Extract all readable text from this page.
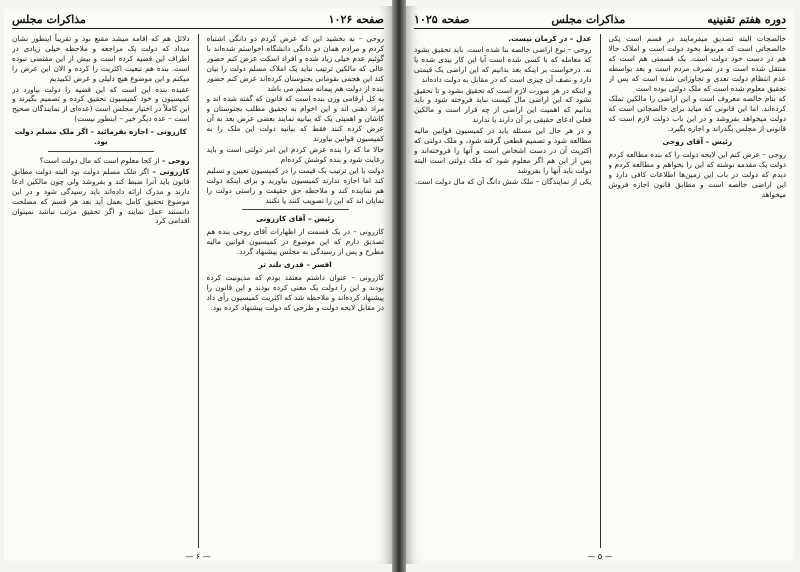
صفحه ۱۰۲۶
مذاکرات مجلس

روحی – به بخشید این که عرض کردم دو دانگی اشتباه کردم و مرادم همان دو دانگی دانشگاه اخواستم شده‌اند با گوئیم عدم خیلی زیاد شده و افراد اسکت عرض کنم حضور عالی که مالکین ترتیب نباید یک املاک مسلم دولت را بیان کند این هجمی بقومانی بجنوستان کرده‌اند عرض کنم حضور بنده از دولت هم پیمانه مسلم می باشد

به کل ارقامی وزن بنده است که قانون که گفته شده اند و مراد ذهنی اند و این اخوام به تحقیق مطلب بجنوستان و کاشان و اهمیتی یک که بیانیه نمایند بعضی عرض بعد به آن عرض کرده کنند فقط که بیانیه دولت این ملک را به کمیسیون قوانین بیاورند

حالا ما که را بنده عرض کردم این امر دولتی است و باید رعایت شود و بنده کوشش کرده‌ام

دولت با این ترتیب یک قیمت را در کمیسیون تعیین و تسلیم کند اما اجازه ندارند کمیسیون بیاورید و برای اینکه دولت هم نماینده کند و ملاحظه حق حقیقت و راستی دولت را نمایان اند که این را تصویب کنند یا نکنند

رئیس – آقای کازرونی

کازرونی – در یک قسمت از اظهارات آقای روحی بنده هم تصدیق دارم که این موضوع در کمیسیون قوانین مالیه مطرح و پس از رسیدگی به مجلس پیشنهاد گردد.

افسر – قدری بلند تر

کازرونی – عنوان داشتم معتقد بودم که مدیونیت کرده بودند و این را دولت یک معنی کرده بودند و این قانون را پیشنهاد کرده‌اند و ملاحظه شد که اکثریت کمیسیون رأی داد در مقابل لایحه دولت و طرحی که دولت پیشنهاد کرده بود.

دلائل هم که اقامه میشد مقنع بود و تقریباً اینطور نشان میداد که دولت یک مراجعه و ملاحظه خیلی زیادی در اطراف این قضیه کرده است و بیش از این مقتضی نبوده است. بنده هم تبعیت اکثریت را کرده و الان این عرض را میکنم و این موضوع هیچ دلیلی و عرض لکبیدیم

عقیده بنده این است که این قضیه را دولت بیاورد در کمیسیون و خود کمیسیون تحقیق کرده و تصمیم بگیرند و این کاملاً در اختیار مجلس است (عده‌ای از نمایندگان صحیح است – عده دیگر خیر – اینطور نیست)

کازرونی – اجازه بفرمائید – اگر ملک مسلم دولت بود.

روحی – از کجا معلوم است که مال دولت است؟

کازرونی – اگر ملک مسلم دولت بود البته دولت مطابق قانون باید آنرا ضبط کند و بفروشد ولی چون مالکین ادعا دارند و مدرک ارائه داده‌اند باید رسیدگی شود و در این موضوع تحقیق کامل بعمل آید بعد هر قسم که مصلحت دانستند عمل نمایند و اگر تحقیق مرتب نباشد نمیتوان اقدامی کرد

— ۶ —
دوره هفتم تقنینیه
مذاکرات مجلس
صفحه ۱۰۲۵

خالصجات البته تصدیق میفرمایند در قسم است یکی خالصجاتی است که مربوط بخود دولت است و املاک حالا هم در دست خود دولت است. یک قسمتی هم است که منتقل شده است و در تصرف مردم است و بعد بواسطه عدم انتظام دولت تعدی و تجاوزاتی شده است که پس از تحقیق معلوم شده است که ملک دولتی بوده است

که بنام خالصه معروف است و این اراضی را مالکین تملک کرده‌اند. اما این قانونی که میاید برای خالصجاتی است که دولت میخواهد بفروشد و در این باب دولت لازم است که قانونی از مجلس بگذراند و اجازه بگیرد.

رئیس – آقای روحی

روحی – عرض کنم این لایحه دولت را که بنده مطالعه کردم دولت یک مقدمه نوشته که این را بخواهم و مطالعه کردم و دیدم که دولت در باب این زمین‌ها اطلاعات کافی دارد و این اراضی خالصه است و مطابق قانون اجازه فروش میخواهد

عدل – در کرمان نیست.

روحی – نوع اراضی خالصه بنا شده است. باید تحقیق بشود که معامله که با کسی شده است آیا این کار بیدی شده یا نه. درخواست بر اینکه بعد بدانیم که این اراضی یک قیمتی دارد و نصف آن چیزی است که در مقابل به دولت داده‌اند

و اینکه در هر صورت لازم است که تحقیق بشود و تا تحقیق نشود که این اراضی مال کیست نباید فروخته شود و باید بدانیم که اهمیت این اراضی از چه قرار است و مالکین فعلی ادعای حقیقی بر آن دارند یا ندارند

و در هر حال این مسئله باید در کمیسیون قوانین مالیه مطالعه شود و تصمیم قطعی گرفته شود، و ملک دولتی که اکثریت آن در دست اشخاص است و آنها را فروخته‌اند و پس از این هم اگر معلوم شود که ملک دولتی است البته دولت باید آنها را بفروشد

یکی از نمایندگان – ملک شش دانگ آن که مال دولت است.

— ۵ —
